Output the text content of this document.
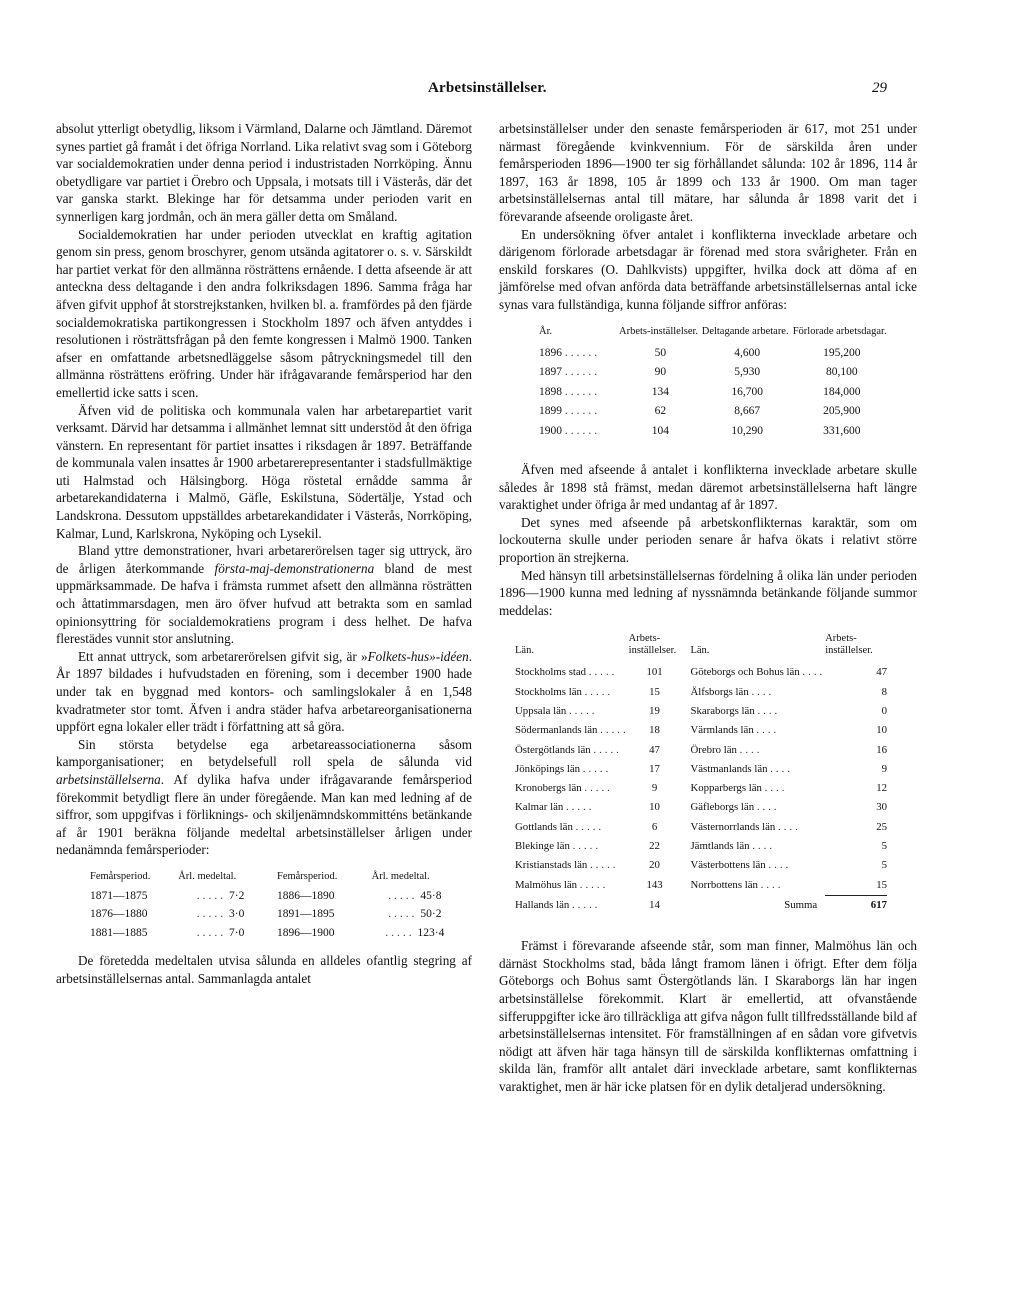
Arbetsinställelser.	29

absolut ytterligt obetydlig, liksom i Värmland, Dalarne och Jämtland. Däremot synes partiet gå framåt i det öfriga Norrland. Lika relativt svag som i Göteborg var socialdemokratien under denna period i industristaden Norrköping. Ännu obetydligare var partiet i Örebro och Uppsala, i motsats till i Västerås, där det var ganska starkt. Blekinge har för detsamma under perioden varit en synnerligen karg jordmån, och än mera gäller detta om Småland.

Socialdemokratien har under perioden utvecklat en kraftig agitation genom sin press, genom broschyrer, genom utsända agitatorer o. s. v. Särskildt har partiet verkat för den allmänna rösträttens ernående. I detta afseende är att anteckna dess deltagande i den andra folkriksdagen 1896. Samma fråga har äfven gifvit upphof åt storstrejkstanken, hvilken bl. a. framfördes på den fjärde socialdemokratiska partikongressen i Stockholm 1897 och äfven antyddes i resolutionen i rösträttsfrågan på den femte kongressen i Malmö 1900. Tanken afser en omfattande arbetsnedläggelse såsom påtryckningsmedel till den allmänna rösträttens eröfring. Under här ifrågavarande femårsperiod har den emellertid icke satts i scen.

Äfven vid de politiska och kommunala valen har arbetarepartiet varit verksamt. Därvid har detsamma i allmänhet lemnat sitt understöd åt den öfriga vänstern. En representant för partiet insattes i riksdagen år 1897. Beträffande de kommunala valen insattes år 1900 arbetarerepresentanter i stadsfullmäktige uti Halmstad och Hälsingborg. Höga röstetal ernådde samma år arbetarekandidaterna i Malmö, Gäfle, Eskilstuna, Södertälje, Ystad och Landskrona. Dessutom uppställdes arbetarekandidater i Västerås, Norrköping, Kalmar, Lund, Karlskrona, Nyköping och Lysekil.

Bland yttre demonstrationer, hvari arbetarerörelsen tager sig uttryck, äro de årligen återkommande första-maj-demonstrationerna bland de mest uppmärksammade. De hafva i främsta rummet afsett den allmänna rösträtten och åttatimmarsdagen, men äro öfver hufvud att betrakta som en samlad opinionsyttring för socialdemokratiens program i dess helhet. De hafva flerestädes vunnit stor anslutning.

Ett annat uttryck, som arbetarerörelsen gifvit sig, är »Folkets-hus»-idéen. År 1897 bildades i hufvudstaden en förening, som i december 1900 hade under tak en byggnad med kontors- och samlingslokaler å en 1,548 kvadratmeter stor tomt. Äfven i andra städer hafva arbetareorganisationerna uppfört egna lokaler eller trädt i författning att så göra.

Sin största betydelse ega arbetareassociationerna såsom kamporganisationer; en betydelsefull roll spela de sålunda vid arbetsinställelserna. Af dylika hafva under ifrågavarande femårsperiod förekommit betydligt flere än under föregående. Man kan med ledning af de siffror, som uppgifvas i förliknings- och skiljenämndskommitténs betänkande af år 1901 beräkna följande medeltal arbetsinställelser årligen under nedanämnda femårsperioder:

Femårsperiod.	Årl. medeltal.	Femårsperiod.	Årl. medeltal.
1871—1875	..... 7·2	1886—1890	..... 45·8
1876—1880	..... 3·0	1891—1895	..... 50·2
1881—1885	..... 7·0	1896—1900	..... 123·4

De företedda medeltalen utvisa sålunda en alldeles ofantlig stegring af arbetsinställelsernas antal. Sammanlagda antalet

arbetsinställelser under den senaste femårsperioden är 617, mot 251 under närmast föregående kvinkvennium. För de särskilda åren under femårsperioden 1896—1900 ter sig förhållandet sålunda: 102 år 1896, 114 år 1897, 163 år 1898, 105 år 1899 och 133 år 1900. Om man tager arbetsinställelsernas antal till mätare, har sålunda år 1898 varit det i förevarande afseende oroligaste året.

En undersökning öfver antalet i konflikterna invecklade arbetare och därigenom förlorade arbetsdagar är förenad med stora svårigheter. Från en enskild forskares (O. Dahlkvists) uppgifter, hvilka dock att döma af en jämförelse med ofvan anförda data beträffande arbetsinställelsernas antal icke synas vara fullständiga, kunna följande siffror anföras:

År.	Arbets-inställelser.	Deltagande arbetare.	Förlorade arbetsdagar.
1896 ......	50	4,600	195,200
1897 ......	90	5,930	80,100
1898 ......	134	16,700	184,000
1899 ......	62	8,667	205,900
1900 ......	104	10,290	331,600

Äfven med afseende å antalet i konflikterna invecklade arbetare skulle således år 1898 stå främst, medan däremot arbetsinställelserna haft längre varaktighet under öfriga år med undantag af år 1897.

Det synes med afseende på arbetskonflikternas karaktär, som om lockouterna skulle under perioden senare år hafva ökats i relativt större proportion än strejkerna.

Med hänsyn till arbetsinställelsernas fördelning å olika län under perioden 1896—1900 kunna med ledning af nyssnämnda betänkande följande summor meddelas:

Län.	Arbets-inställelser.	Län.	Arbets-inställelser.
Stockholms stad .....	101	Göteborgs och Bohus län ....	47
Stockholms län .....	15	Älfsborgs län ....	8
Uppsala län .....	19	Skaraborgs län ....	0
Södermanlands län .....	18	Värmlands län ....	10
Östergötlands län .....	47	Örebro län ....	16
Jönköpings län .....	17	Västmanlands län ....	9
Kronobergs län .....	9	Kopparbergs län ....	12
Kalmar län .....	10	Gäfleborgs län ....	30
Gottlands län .....	6	Västernorrlands län ....	25
Blekinge län .....	22	Jämtlands län ....	5
Kristianstads län .....	20	Västerbottens län ....	5
Malmöhus län .....	143	Norrbottens län ....	15
Hallands län .....	14	Summa	617

Främst i förevarande afseende står, som man finner, Malmöhus län och därnäst Stockholms stad, båda långt framom länen i öfrigt. Efter dem följa Göteborgs och Bohus samt Östergötlands län. I Skaraborgs län har ingen arbetsinställelse förekommit. Klart är emellertid, att ofvanstående sifferuppgifter icke äro tillräckliga att gifva någon fullt tillfredsställande bild af arbetsinställelsernas intensitet. För framställningen af en sådan vore gifvetvis nödigt att äfven här taga hänsyn till de särskilda konflikternas omfattning i skilda län, framför allt antalet däri invecklade arbetare, samt konflikternas varaktighet, men är här icke platsen för en dylik detaljerad undersökning.
